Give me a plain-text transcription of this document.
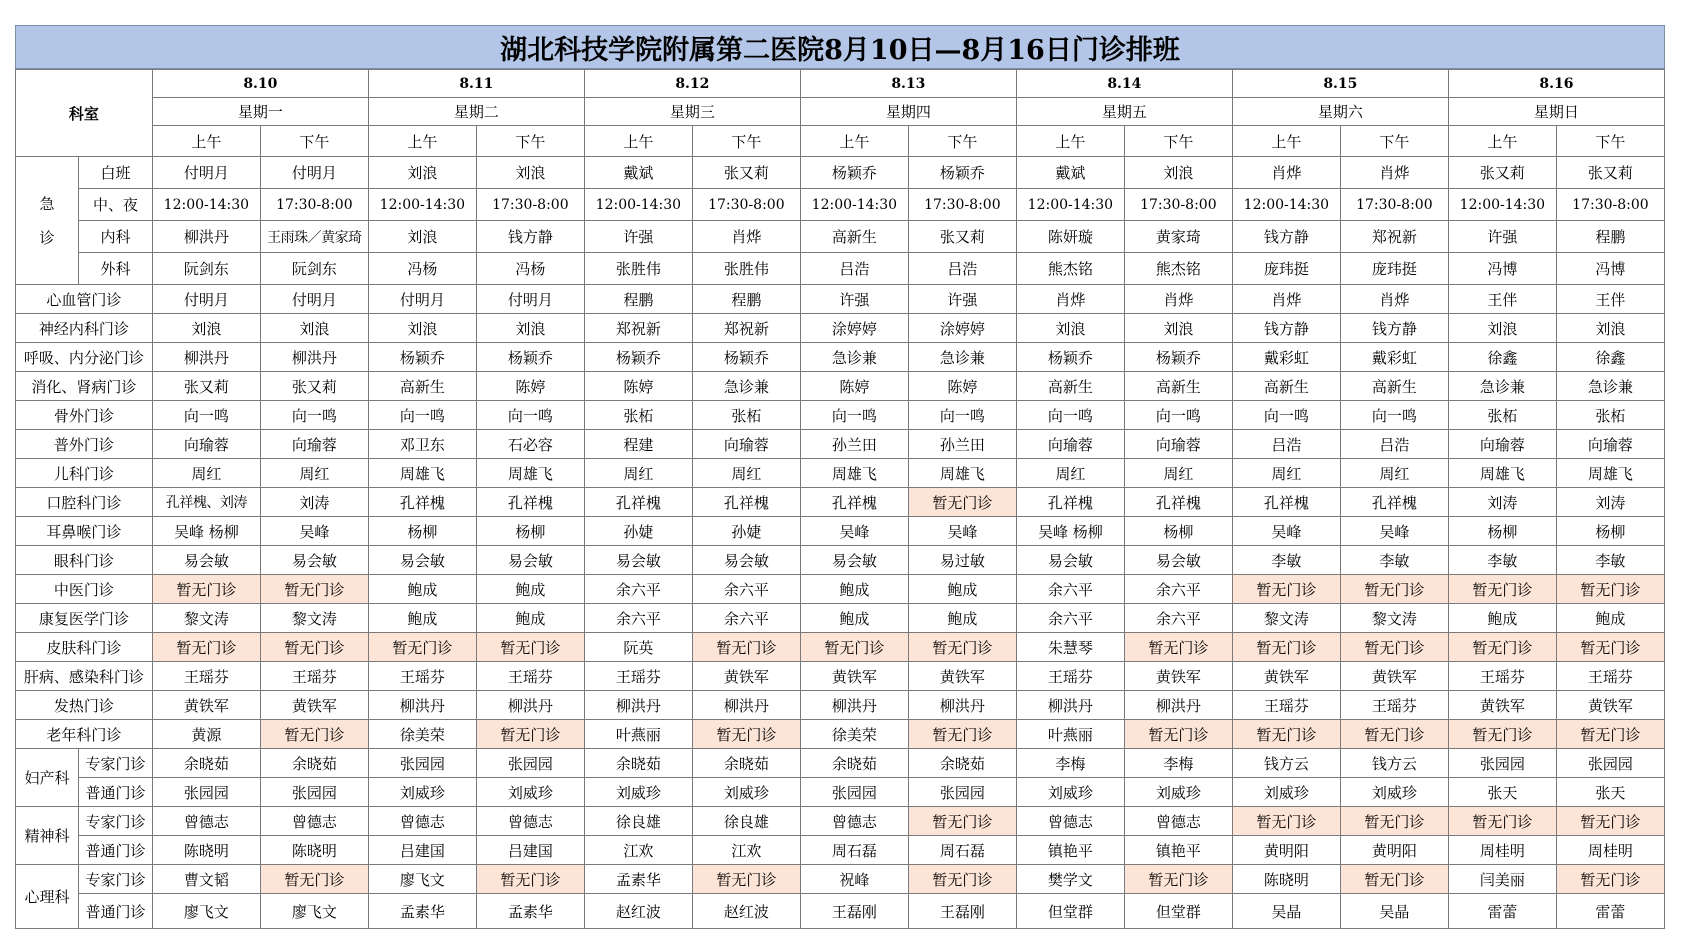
湖北科技学院附属第二医院8月10日—8月16日门诊排班
科室		8.10		8.11		8.12		8.13		8.14		8.15		8.16	
		星期一		星期二		星期三		星期四		星期五		星期六		星期日	
		上午	下午	上午	下午	上午	下午	上午	下午	上午	下午	上午	下午	上午	下午
急
诊	白班	付明月	付明月	刘浪	刘浪	戴斌	张又莉	杨颖乔	杨颖乔	戴斌	刘浪	肖烨	肖烨	张又莉	张又莉
	中、夜	12:00-14:30	17:30-8:00	12:00-14:30	17:30-8:00	12:00-14:30	17:30-8:00	12:00-14:30	17:30-8:00	12:00-14:30	17:30-8:00	12:00-14:30	17:30-8:00	12:00-14:30	17:30-8:00
	内科	柳洪丹	王雨珠／黄家琦	刘浪	钱方静	许强	肖烨	高新生	张又莉	陈妍璇	黄家琦	钱方静	郑祝新	许强	程鹏
	外科	阮剑东	阮剑东	冯杨	冯杨	张胜伟	张胜伟	吕浩	吕浩	熊杰铭	熊杰铭	庞玮挺	庞玮挺	冯博	冯博
心血管门诊		付明月	付明月	付明月	付明月	程鹏	程鹏	许强	许强	肖烨	肖烨	肖烨	肖烨	王伴	王伴
神经内科门诊		刘浪	刘浪	刘浪	刘浪	郑祝新	郑祝新	涂婷婷	涂婷婷	刘浪	刘浪	钱方静	钱方静	刘浪	刘浪
呼吸、内分泌门诊		柳洪丹	柳洪丹	杨颖乔	杨颖乔	杨颖乔	杨颖乔	急诊兼	急诊兼	杨颖乔	杨颖乔	戴彩虹	戴彩虹	徐鑫	徐鑫
消化、肾病门诊		张又莉	张又莉	高新生	陈婷	陈婷	急诊兼	陈婷	陈婷	高新生	高新生	高新生	高新生	急诊兼	急诊兼
骨外门诊		向一鸣	向一鸣	向一鸣	向一鸣	张柘	张柘	向一鸣	向一鸣	向一鸣	向一鸣	向一鸣	向一鸣	张柘	张柘
普外门诊		向瑜蓉	向瑜蓉	邓卫东	石必容	程建	向瑜蓉	孙兰田	孙兰田	向瑜蓉	向瑜蓉	吕浩	吕浩	向瑜蓉	向瑜蓉
儿科门诊		周红	周红	周雄飞	周雄飞	周红	周红	周雄飞	周雄飞	周红	周红	周红	周红	周雄飞	周雄飞
口腔科门诊		孔祥槐、刘涛	刘涛	孔祥槐	孔祥槐	孔祥槐	孔祥槐	孔祥槐	暂无门诊	孔祥槐	孔祥槐	孔祥槐	孔祥槐	刘涛	刘涛
耳鼻喉门诊		吴峰 杨柳	吴峰	杨柳	杨柳	孙婕	孙婕	吴峰	吴峰	吴峰 杨柳	杨柳	吴峰	吴峰	杨柳	杨柳
眼科门诊		易会敏	易会敏	易会敏	易会敏	易会敏	易会敏	易会敏	易过敏	易会敏	易会敏	李敏	李敏	李敏	李敏
中医门诊		暂无门诊	暂无门诊	鲍成	鲍成	余六平	余六平	鲍成	鲍成	余六平	余六平	暂无门诊	暂无门诊	暂无门诊	暂无门诊
康复医学门诊		黎文涛	黎文涛	鲍成	鲍成	余六平	余六平	鲍成	鲍成	余六平	余六平	黎文涛	黎文涛	鲍成	鲍成
皮肤科门诊		暂无门诊	暂无门诊	暂无门诊	暂无门诊	阮英	暂无门诊	暂无门诊	暂无门诊	朱慧琴	暂无门诊	暂无门诊	暂无门诊	暂无门诊	暂无门诊
肝病、感染科门诊		王瑶芬	王瑶芬	王瑶芬	王瑶芬	王瑶芬	黄铁军	黄铁军	黄铁军	王瑶芬	黄铁军	黄铁军	黄铁军	王瑶芬	王瑶芬
发热门诊		黄铁军	黄铁军	柳洪丹	柳洪丹	柳洪丹	柳洪丹	柳洪丹	柳洪丹	柳洪丹	柳洪丹	王瑶芬	王瑶芬	黄铁军	黄铁军
老年科门诊		黄源	暂无门诊	徐美荣	暂无门诊	叶燕丽	暂无门诊	徐美荣	暂无门诊	叶燕丽	暂无门诊	暂无门诊	暂无门诊	暂无门诊	暂无门诊
妇产科	专家门诊	余晓茹	余晓茹	张园园	张园园	余晓茹	余晓茹	余晓茹	余晓茹	李梅	李梅	钱方云	钱方云	张园园	张园园
	普通门诊	张园园	张园园	刘威珍	刘威珍	刘威珍	刘威珍	张园园	张园园	刘威珍	刘威珍	刘威珍	刘威珍	张天	张天
精神科	专家门诊	曾德志	曾德志	曾德志	曾德志	徐良雄	徐良雄	曾德志	暂无门诊	曾德志	曾德志	暂无门诊	暂无门诊	暂无门诊	暂无门诊
	普通门诊	陈晓明	陈晓明	吕建国	吕建国	江欢	江欢	周石磊	周石磊	镇艳平	镇艳平	黄明阳	黄明阳	周桂明	周桂明
心理科	专家门诊	曹文韬	暂无门诊	廖飞文	暂无门诊	孟素华	暂无门诊	祝峰	暂无门诊	樊学文	暂无门诊	陈晓明	暂无门诊	闫美丽	暂无门诊
	普通门诊	廖飞文	廖飞文	孟素华	孟素华	赵红波	赵红波	王磊刚	王磊刚	但堂群	但堂群	吴晶	吴晶	雷蕾	雷蕾
